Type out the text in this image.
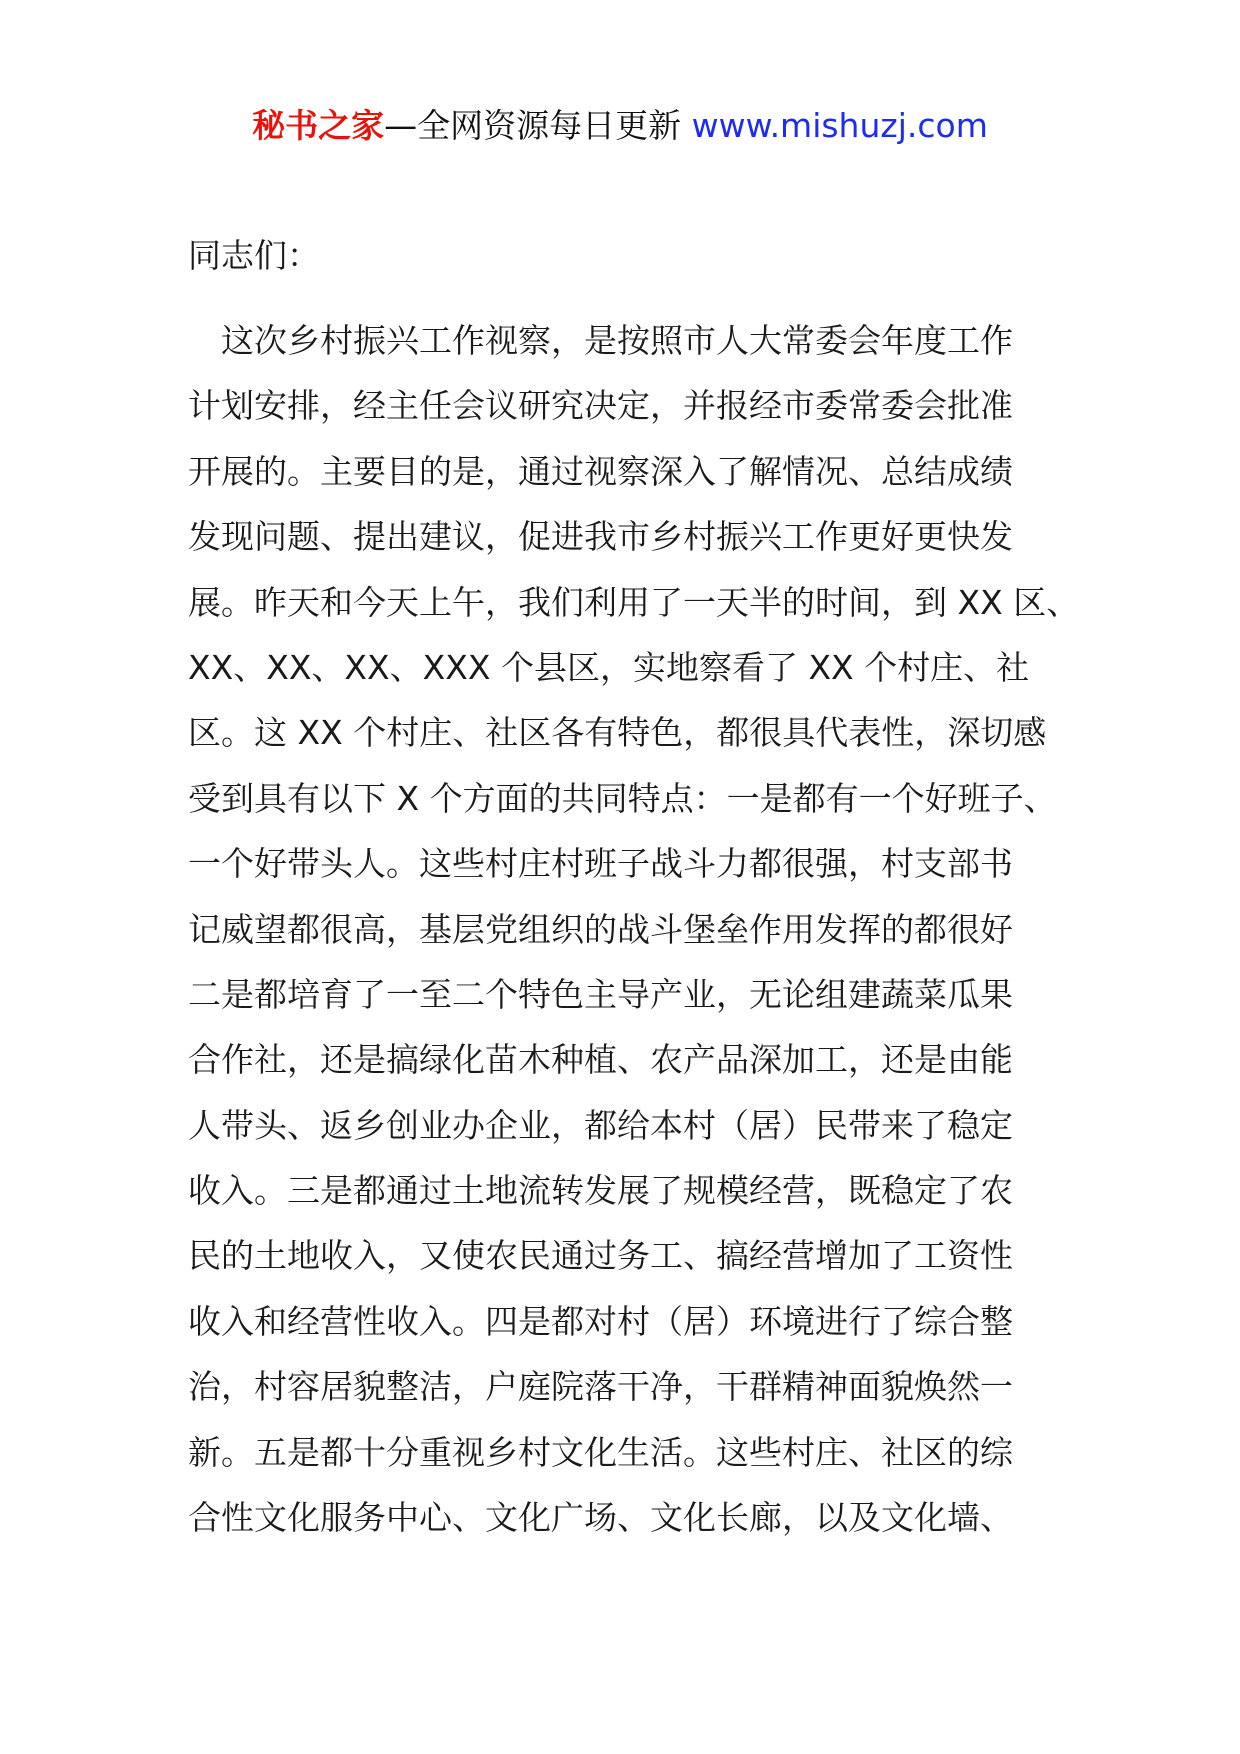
秘书之家—全网资源每日更新 www.mishuzj.com
同志们：
　这次乡村振兴工作视察，是按照市人大常委会年度工作
计划安排，经主任会议研究决定，并报经市委常委会批准
开展的。主要目的是，通过视察深入了解情况、总结成绩
发现问题、提出建议，促进我市乡村振兴工作更好更快发
展。昨天和今天上午，我们利用了一天半的时间，到 XX 区、
XX、XX、XX、XXX 个县区，实地察看了 XX 个村庄、社
区。这 XX 个村庄、社区各有特色，都很具代表性，深切感
受到具有以下 X 个方面的共同特点：一是都有一个好班子、
一个好带头人。这些村庄村班子战斗力都很强，村支部书
记威望都很高，基层党组织的战斗堡垒作用发挥的都很好
二是都培育了一至二个特色主导产业，无论组建蔬菜瓜果
合作社，还是搞绿化苗木种植、农产品深加工，还是由能
人带头、返乡创业办企业，都给本村（居）民带来了稳定
收入。三是都通过土地流转发展了规模经营，既稳定了农
民的土地收入，又使农民通过务工、搞经营增加了工资性
收入和经营性收入。四是都对村（居）环境进行了综合整
治，村容居貌整洁，户庭院落干净，干群精神面貌焕然一
新。五是都十分重视乡村文化生活。这些村庄、社区的综
合性文化服务中心、文化广场、文化长廊，以及文化墙、
